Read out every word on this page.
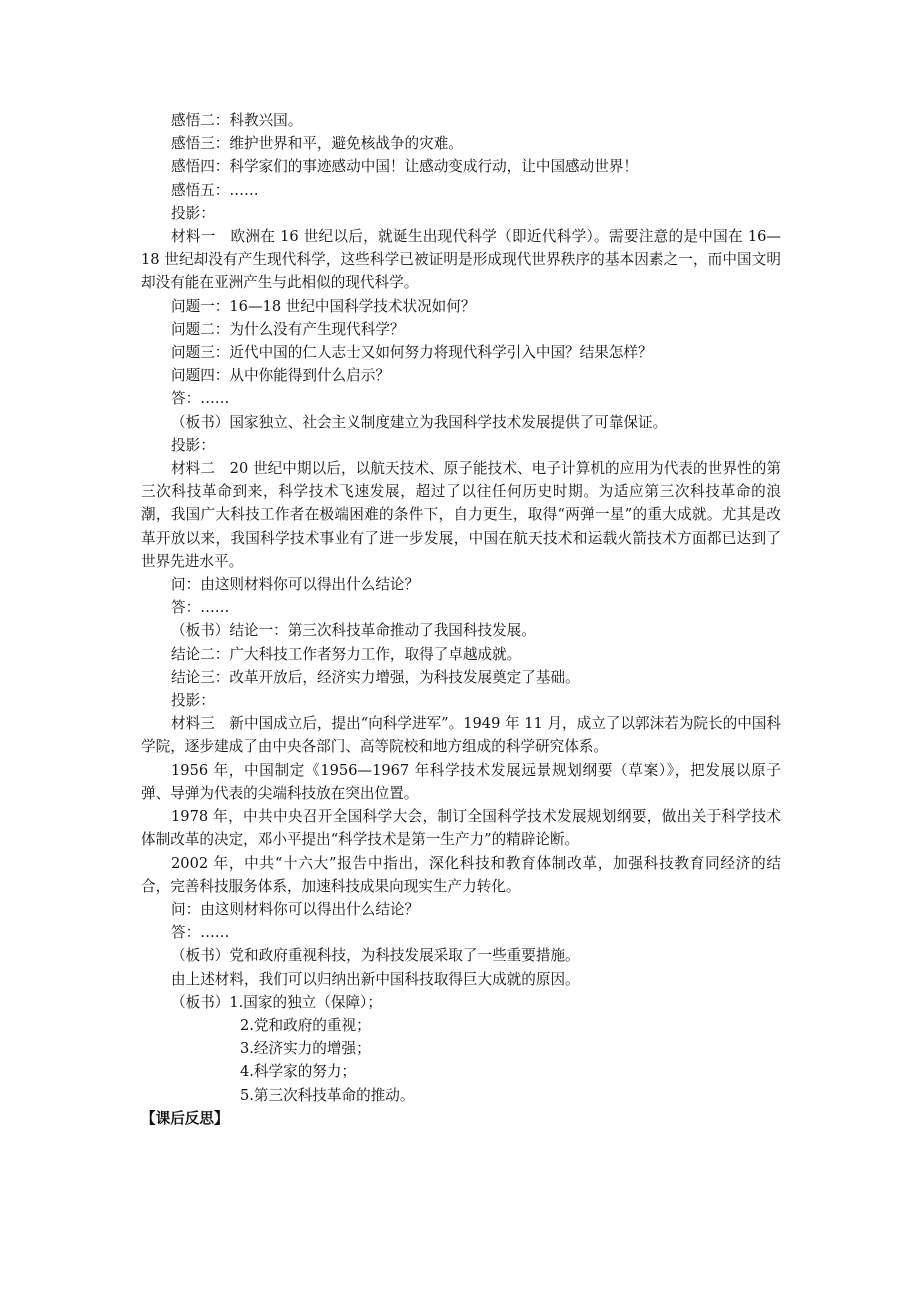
感悟二：科教兴国。

感悟三：维护世界和平，避免核战争的灾难。

感悟四：科学家们的事迹感动中国！让感动变成行动，让中国感动世界！

感悟五：……

投影：

材料一　欧洲在 16 世纪以后，就诞生出现代科学（即近代科学）。需要注意的是中国在 16—18 世纪却没有产生现代科学，这些科学已被证明是形成现代世界秩序的基本因素之一，而中国文明却没有能在亚洲产生与此相似的现代科学。

问题一：16—18 世纪中国科学技术状况如何？

问题二：为什么没有产生现代科学？

问题三：近代中国的仁人志士又如何努力将现代科学引入中国？结果怎样？

问题四：从中你能得到什么启示？

答：……

（板书）国家独立、社会主义制度建立为我国科学技术发展提供了可靠保证。

投影：

材料二　20 世纪中期以后，以航天技术、原子能技术、电子计算机的应用为代表的世界性的第三次科技革命到来，科学技术飞速发展，超过了以往任何历史时期。为适应第三次科技革命的浪潮，我国广大科技工作者在极端困难的条件下，自力更生，取得“两弹一星”的重大成就。尤其是改革开放以来，我国科学技术事业有了进一步发展，中国在航天技术和运载火箭技术方面都已达到了世界先进水平。

问：由这则材料你可以得出什么结论？

答：……

（板书）结论一：第三次科技革命推动了我国科技发展。

结论二：广大科技工作者努力工作，取得了卓越成就。

结论三：改革开放后，经济实力增强，为科技发展奠定了基础。

投影：

材料三　新中国成立后，提出“向科学进军”。1949 年 11 月，成立了以郭沫若为院长的中国科学院，逐步建成了由中央各部门、高等院校和地方组成的科学研究体系。

1956 年，中国制定《1956—1967 年科学技术发展远景规划纲要（草案）》，把发展以原子弹、导弹为代表的尖端科技放在突出位置。

1978 年，中共中央召开全国科学大会，制订全国科学技术发展规划纲要，做出关于科学技术体制改革的决定，邓小平提出“科学技术是第一生产力”的精辟论断。

2002 年，中共“十六大”报告中指出，深化科技和教育体制改革，加强科技教育同经济的结合，完善科技服务体系，加速科技成果向现实生产力转化。

问：由这则材料你可以得出什么结论？

答：……

（板书）党和政府重视科技，为科技发展采取了一些重要措施。

由上述材料，我们可以归纳出新中国科技取得巨大成就的原因。

（板书）1.国家的独立（保障）；

2.党和政府的重视；

3.经济实力的增强；

4.科学家的努力；

5.第三次科技革命的推动。

【课后反思】
